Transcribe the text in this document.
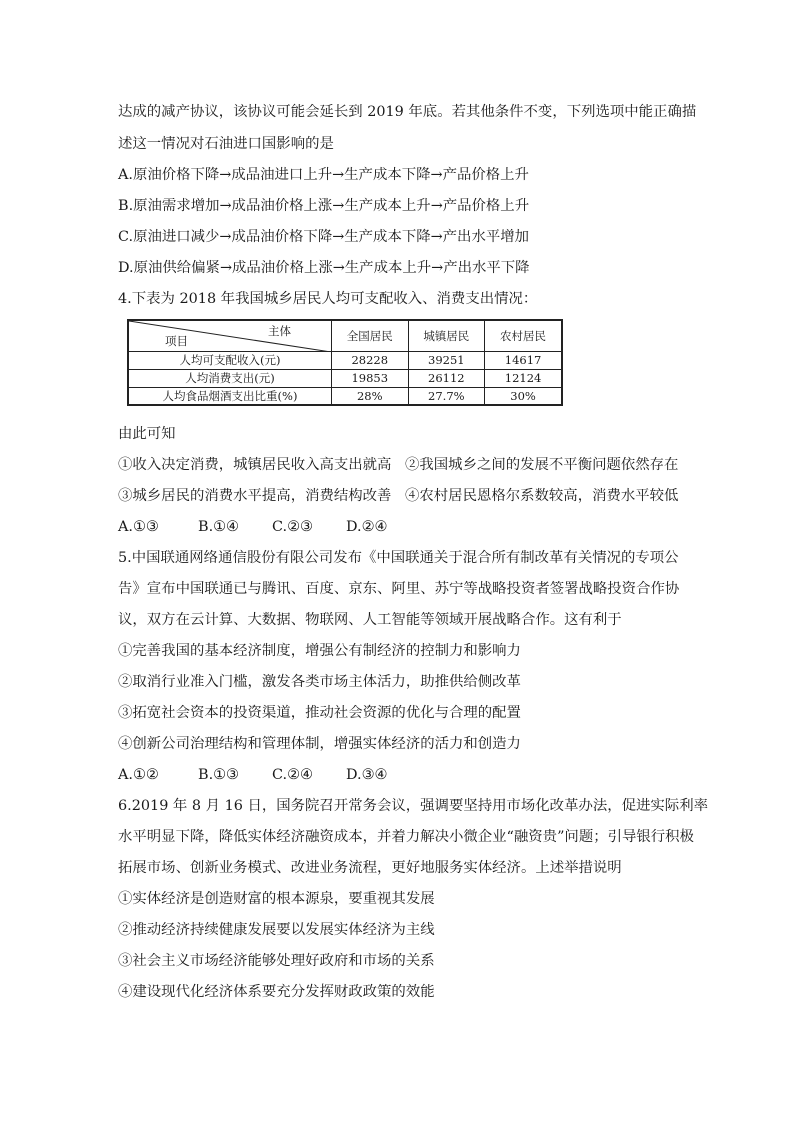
达成的减产协议，该协议可能会延长到 2019 年底。若其他条件不变，下列选项中能正确描
述这一情况对石油进口国影响的是
A.原油价格下降→成品油进口上升→生产成本下降→产品价格上升
B.原油需求增加→成品油价格上涨→生产成本上升→产品价格上升
C.原油进口减少→成品油价格下降→生产成本下降→产出水平增加
D.原油供给偏紧→成品油价格上涨→生产成本上升→产出水平下降
4.下表为 2018 年我国城乡居民人均可支配收入、消费支出情况：
主体
项目	全国居民	城镇居民	农村居民
人均可支配收入(元)	28228	39251	14617
人均消费支出(元)	19853	26112	12124
人均食品烟酒支出比重(%)	28%	27.7%	30%
由此可知
①收入决定消费，城镇居民收入高支出就高 ②我国城乡之间的发展不平衡问题依然存在
③城乡居民的消费水平提高，消费结构改善 ④农村居民恩格尔系数较高，消费水平较低
A.①③	B.①④ C.②③ D.②④
5.中国联通网络通信股份有限公司发布《中国联通关于混合所有制改革有关情况的专项公
告》宣布中国联通已与腾讯、百度、京东、阿里、苏宁等战略投资者签署战略投资合作协
议，双方在云计算、大数据、物联网、人工智能等领域开展战略合作。这有利于
①完善我国的基本经济制度，增强公有制经济的控制力和影响力
②取消行业准入门槛，激发各类市场主体活力，助推供给侧改革
③拓宽社会资本的投资渠道，推动社会资源的优化与合理的配置
④创新公司治理结构和管理体制，增强实体经济的活力和创造力
A.①②	B.①③ C.②④ D.③④
6.2019 年 8 月 16 日，国务院召开常务会议，强调要坚持用市场化改革办法，促进实际利率
水平明显下降，降低实体经济融资成本，并着力解决小微企业“融资贵”问题；引导银行积极
拓展市场、创新业务模式、改进业务流程，更好地服务实体经济。上述举措说明
①实体经济是创造财富的根本源泉，要重视其发展
②推动经济持续健康发展要以发展实体经济为主线
③社会主义市场经济能够处理好政府和市场的关系
④建设现代化经济体系要充分发挥财政政策的效能
